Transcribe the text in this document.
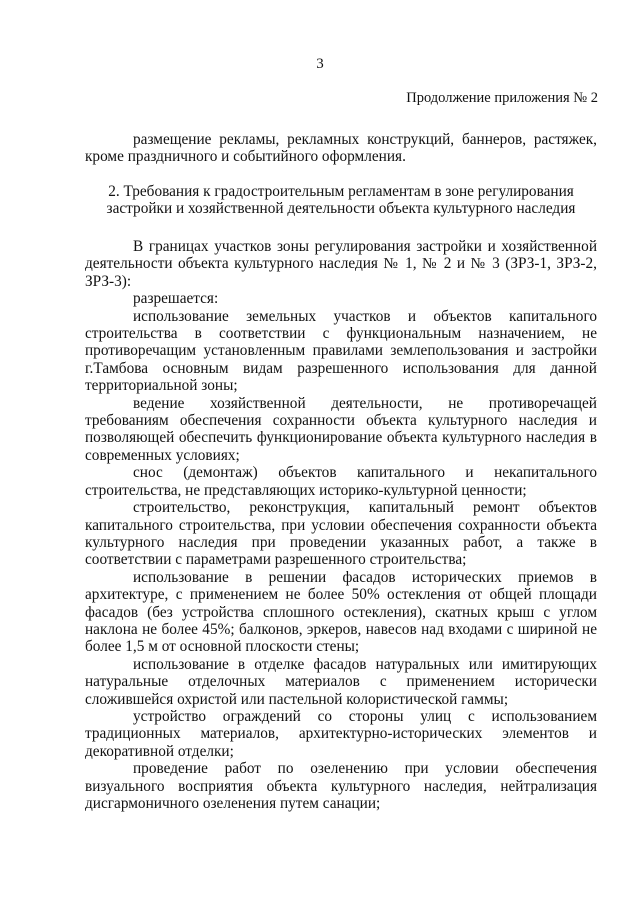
3
Продолжение приложения № 2

размещение рекламы, рекламных конструкций, баннеров, растяжек, кроме праздничного и событийного оформления.

2. Требования к градостроительным регламентам в зоне регулирования застройки и хозяйственной деятельности объекта культурного наследия

В границах участков зоны регулирования застройки и хозяйственной деятельности объекта культурного наследия № 1, № 2 и № 3 (ЗРЗ-1, ЗРЗ-2, ЗРЗ-3):

разрешается:

использование земельных участков и объектов капитального строительства в соответствии с функциональным назначением, не противоречащим установленным правилами землепользования и застройки г.Тамбова основным видам разрешенного использования для данной территориальной зоны;

ведение хозяйственной деятельности, не противоречащей требованиям обеспечения сохранности объекта культурного наследия и позволяющей обеспечить функционирование объекта культурного наследия в современных условиях;

снос (демонтаж) объектов капитального и некапитального строительства, не представляющих историко-культурной ценности;

строительство, реконструкция, капитальный ремонт объектов капитального строительства, при условии обеспечения сохранности объекта культурного наследия при проведении указанных работ, а также в соответствии с параметрами разрешенного строительства;

использование в решении фасадов исторических приемов в архитектуре, с применением не более 50% остекления от общей площади фасадов (без устройства сплошного остекления), скатных крыш с углом наклона не более 45%; балконов, эркеров, навесов над входами с шириной не более 1,5 м от основной плоскости стены;

использование в отделке фасадов натуральных или имитирующих натуральные отделочных материалов с применением исторически сложившейся охристой или пастельной колористической гаммы;

устройство ограждений со стороны улиц с использованием традиционных материалов, архитектурно-исторических элементов и декоративной отделки;

проведение работ по озеленению при условии обеспечения визуального восприятия объекта культурного наследия, нейтрализация дисгармоничного озеленения путем санации;
